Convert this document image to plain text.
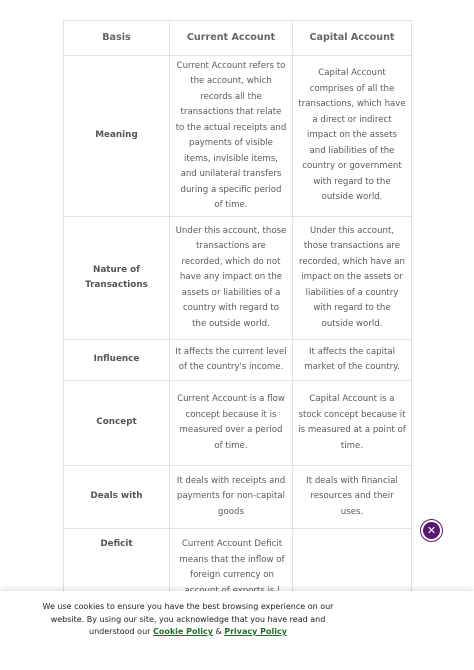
Basis	Current Account	Capital Account
Meaning	Current Account refers to the account, which records all the transactions that relate to the actual receipts and payments of visible items, invisible items, and unilateral transfers during a specific period of time.	Capital Account comprises of all the transactions, which have a direct or indirect impact on the assets and liabilities of the country or government with regard to the outside world.
Nature of Transactions	Under this account, those transactions are recorded, which do not have any impact on the assets or liabilities of a country with regard to the outside world.	Under this account, those transactions are recorded, which have an impact on the assets or liabilities of a country with regard to the outside world.
Influence	It affects the current level of the country's income.	It affects the capital market of the country.
Concept	Current Account is a flow concept because it is measured over a period of time.	Capital Account is a stock concept because it is measured at a point of time.
Deals with	It deals with receipts and payments for non-capital goods	It deals with financial resources and their uses.
Deficit	Current Account Deficit means that the inflow of foreign currency on	

✕
We use cookies to ensure you have the best browsing experience on our website. By using our site, you acknowledge that you have read and understood our Cookie Policy & Privacy Policy
